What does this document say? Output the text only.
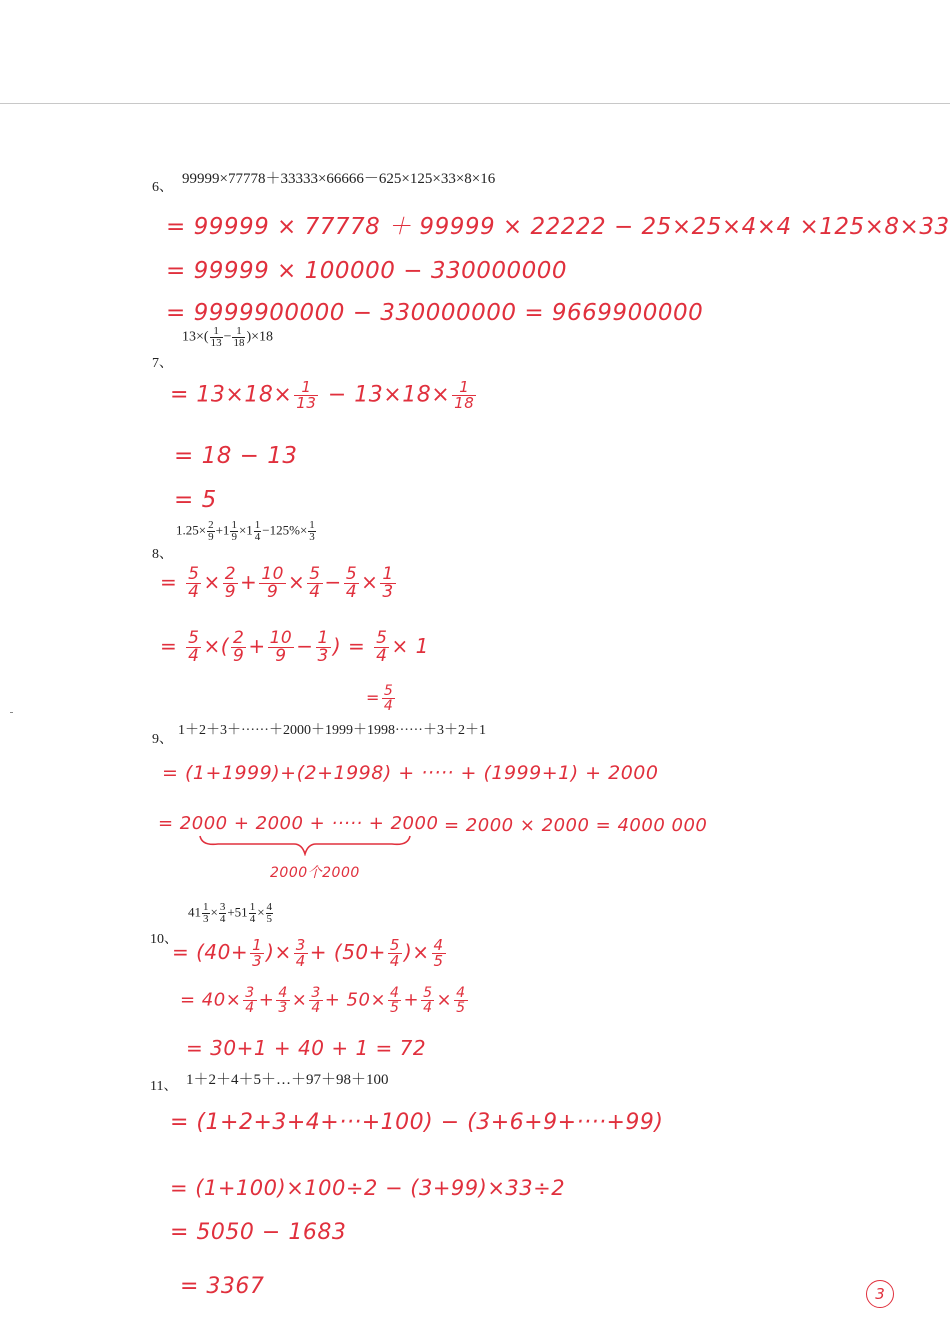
6、
99999×77778＋33333×66666－625×125×33×8×16
= 99999 × 77778 ＋ 99999 × 22222 − 25×25×4×4 ×125×8×33
= 99999 × 100000 − 330000000
= 9999900000 − 330000000 = 9669900000
7、
$13\times( \frac{1}{13} - \frac{1}{18} )\times 18$
= $13\times 18\times \frac{1}{13} - 13\times 18\times \frac{1}{18}$
= 18 − 13
= 5
8、
$1.25\times \frac{2}{9} +1 \frac{1}{9} \times 1 \frac{1}{4} -125\%\times \frac{1}{3}$
= $\frac{5}{4} \times \frac{2}{9} + \frac{10}{9} \times \frac{5}{4} - \frac{5}{4} \times \frac{1}{3}$
= $\frac{5}{4}$ ×( $\frac{2}{9} + \frac{10}{9} - \frac{1}{3}$ ) = $\frac{5}{4} \times 1$
= $\frac{5}{4}$
9、
1＋2＋3＋······＋2000＋1999＋1998······＋3＋2＋1
= (1+1999)+(2+1998) + ····· + (1999+1) + 2000
= 2000 + 2000 + ····· + 2000 = 2000 × 2000 = 4000 000
2000个2000
10、
$41 \frac{1}{3} \times \frac{3}{4} +51 \frac{1}{4} \times \frac{4}{5}$
= ($40+ \frac{1}{3}$ )× $\frac{3}{4} + (50+ \frac{5}{4}$ )× $\frac{4}{5}$
= $40\times \frac{3}{4} + \frac{4}{3} \times \frac{3}{4} + 50\times \frac{4}{5} + \frac{5}{4} \times \frac{4}{5}$
= 30+1 + 40 + 1 = 72
11、 1＋2＋4＋5＋…＋97＋98＋100
= (1+2+3+4+···+100) − (3+6+9+····+99)
= (1+100)×100÷2 − (3+99)×33÷2
= 5050 − 1683
= 3367	3
